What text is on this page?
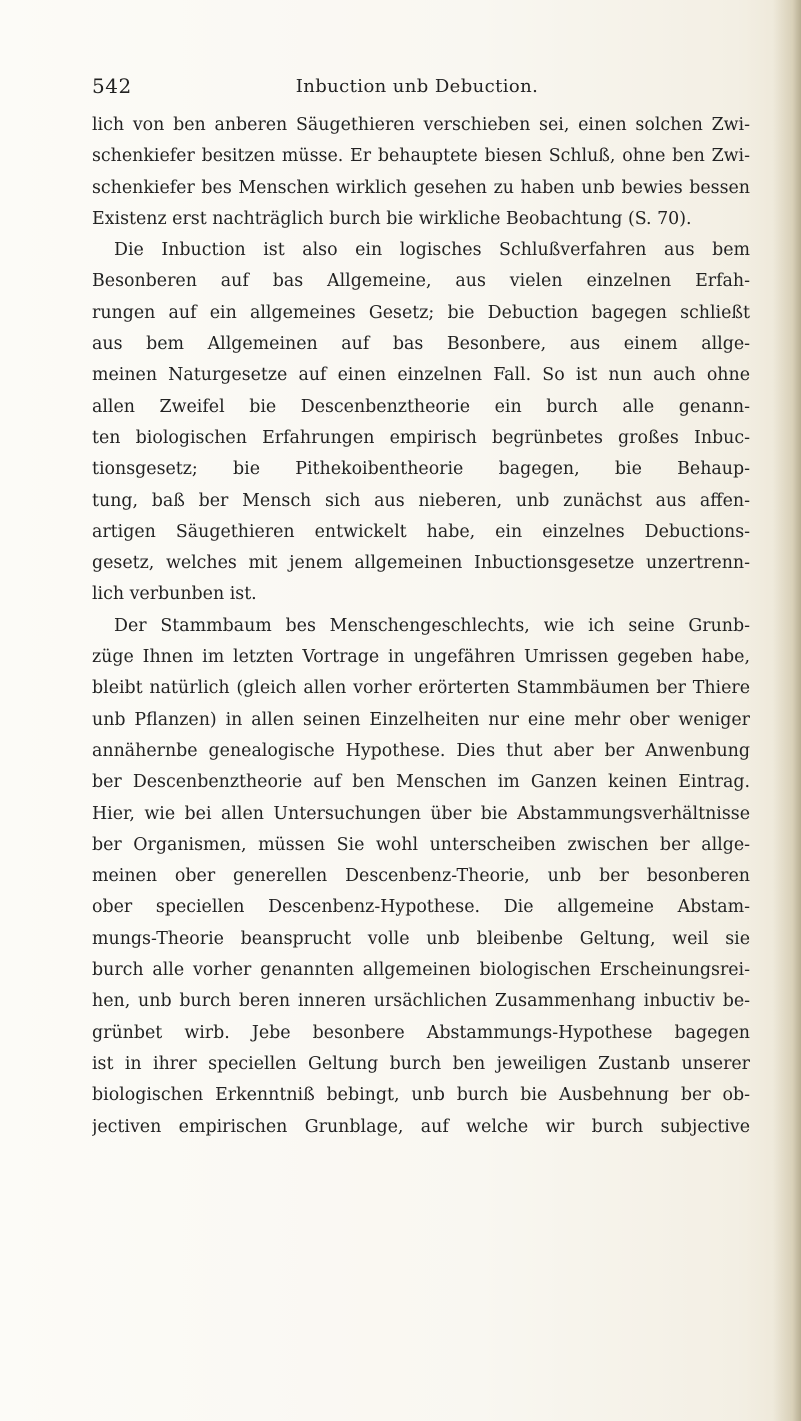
542	Inbuction unb Debuction.
lich von ben anberen Säugethieren verschieben sei, einen solchen Zwi-
schenkiefer besitzen müsse. Er behauptete biesen Schluß, ohne ben Zwi-
schenkiefer bes Menschen wirklich gesehen zu haben unb bewies bessen
Existenz erst nachträglich burch bie wirkliche Beobachtung (S. 70).
Die Inbuction ist also ein logisches Schlußverfahren aus bem
Besonberen auf bas Allgemeine, aus vielen einzelnen Erfah-
rungen auf ein allgemeines Gesetz; bie Debuction bagegen schließt
aus bem Allgemeinen auf bas Besonbere, aus einem allge-
meinen Naturgesetze auf einen einzelnen Fall. So ist nun auch ohne
allen Zweifel bie Descenbenztheorie ein burch alle genann-
ten biologischen Erfahrungen empirisch begrünbetes großes Inbuc-
tionsgesetz; bie Pithekoibentheorie bagegen, bie Behaup-
tung, baß ber Mensch sich aus nieberen, unb zunächst aus affen-
artigen Säugethieren entwickelt habe, ein einzelnes Debuctions-
gesetz, welches mit jenem allgemeinen Inbuctionsgesetze unzertrenn-
lich verbunben ist.
Der Stammbaum bes Menschengeschlechts, wie ich seine Grunb-
züge Ihnen im letzten Vortrage in ungefähren Umrissen gegeben habe,
bleibt natürlich (gleich allen vorher erörterten Stammbäumen ber Thiere
unb Pflanzen) in allen seinen Einzelheiten nur eine mehr ober weniger
annähernbe genealogische Hypothese. Dies thut aber ber Anwenbung
ber Descenbenztheorie auf ben Menschen im Ganzen keinen Eintrag.
Hier, wie bei allen Untersuchungen über bie Abstammungsverhältnisse
ber Organismen, müssen Sie wohl unterscheiben zwischen ber allge-
meinen ober generellen Descenbenz-Theorie, unb ber besonberen
ober speciellen Descenbenz-Hypothese. Die allgemeine Abstam-
mungs-Theorie beansprucht volle unb bleibenbe Geltung, weil sie
burch alle vorher genannten allgemeinen biologischen Erscheinungsrei-
hen, unb burch beren inneren ursächlichen Zusammenhang inbuctiv be-
grünbet wirb. Jebe besonbere Abstammungs-Hypothese bagegen
ist in ihrer speciellen Geltung burch ben jeweiligen Zustanb unserer
biologischen Erkenntniß bebingt, unb burch bie Ausbehnung ber ob-
jectiven empirischen Grunblage, auf welche wir burch subjective
